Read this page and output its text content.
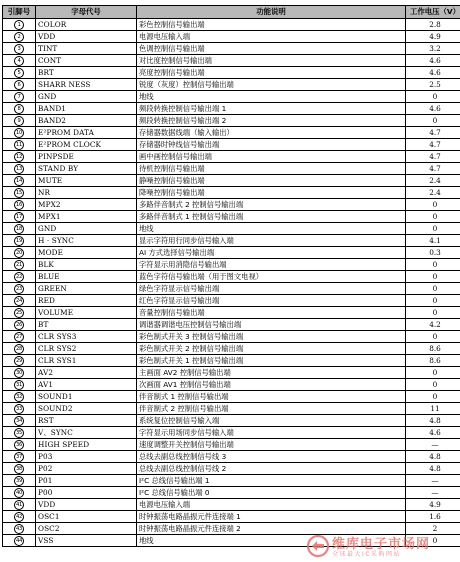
引脚号	字母代号	功能说明	工作电压（V）
1	COLOR	彩色控制信号输出端	2.8
2	VDD	电源电压输入端	4.9
3	TINT	色调控制信号输出端	3.2
4	CONT	对比度控制信号输出端	4.6
5	BRT	亮度控制信号输出端	4.6
6	SHARR NESS	锐度（灰度）控制信号输出端	2.5
7	GND	地线	0
8	BAND1	频段转换控制信号输出端 1	4.6
9	BAND2	频段转换控制信号输出端 2	0
10	E²PROM DATA	存储器数据线端（输入输出）	4.7
11	E²PROM CLOCK	存储器时钟线信号输出端	4.7
12	PINPSDE	画中画控制信号输出端	4.7
13	STAND BY	待机控制信号输出端	4.7
14	MUTE	静噪控制信号输出端	2.4
15	NR	降噪控制信号输出端	2.4
16	MPX2	多路伴音制式 2 控制信号输出端	0
17	MPX1	多路伴音制式 1 控制信号输出端	0
18	GND	地线	0
19	H · SYNC	显示字符用行同步信号输入端	4.1
20	MODE	AI 方式选择信号输出端	0.3
21	BLK	字符显示用消隐信号输出端	0
22	BLUE	蓝色字符信号输出端（用于图文电视）	0
23	GREEN	绿色字符显示信号输出端	0
24	RED	红色字符显示信号输出端	0
25	VOLUME	音量控制信号输出端	0
26	BT	调谐器调谐电压控制信号输出端	4.2
27	CLR SYS3	彩色制式开关 3 控制信号输出端	0
28	CLR SYS2	彩色制式开关 2 控制信号输出端	8.6
29	CLR SYS1	彩色制式开关 1 控制信号输出端	8.6
30	AV2	主画面 AV2 控制信号输出端	0
31	AV1	次画面 AV1 控制信号输出端	0
32	SOUND1	伴音制式 1 控制信号输出端	0
33	SOUND2	伴音制式 2 控制信号输出端	11
34	RST	系统复位控制信号输入端	4.8
35	V、SYNC	字符显示用场同步信号输入端	4.6
36	HIGH SPEED	速度调整开关控制信号输出端	—
37	P03	总线去副总线控制信号线 3	4.8
38	P02	总线去副总线控制信号线 2	4.8
39	P01	I²C 总线信号输出端 1	—
40	P00	I²C 总线信号输出端 0	—
41	VDD	电源电压输入端	4.9
42	OSC1	时钟振荡电路晶振元件连接端 1	1.6
43	OSC2	时钟振荡电路晶振元件连接端 2	2
44	VSS	地线	0
维库电子市场网
全球最大IC采购网站
